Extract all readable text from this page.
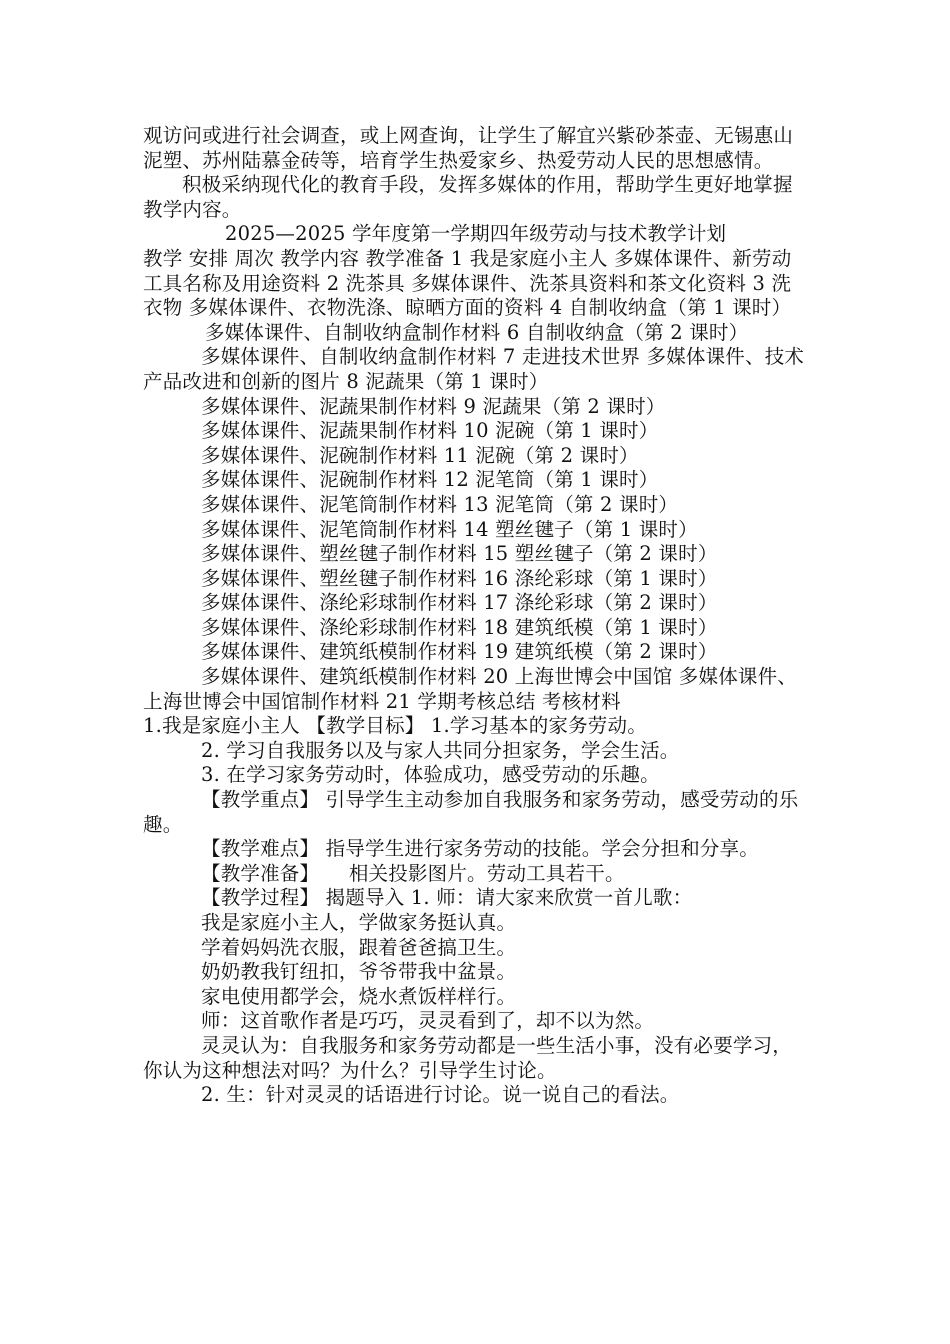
观访问或进行社会调查，或上网查询，让学生了解宜兴紫砂茶壶、无锡惠山泥塑、苏州陆慕金砖等，培育学生热爱家乡、热爱劳动人民的思想感情。

积极采纳现代化的教育手段，发挥多媒体的作用，帮助学生更好地掌握教学内容。

2025—2025 学年度第一学期四年级劳动与技术教学计划

教学 安排 周次 教学内容 教学准备 1 我是家庭小主人 多媒体课件、新劳动工具名称及用途资料 2 洗茶具 多媒体课件、洗茶具资料和茶文化资料 3 洗衣物 多媒体课件、衣物洗涤、晾晒方面的资料 4 自制收纳盒（第 1 课时）

多媒体课件、自制收纳盒制作材料 6 自制收纳盒（第 2 课时）

多媒体课件、自制收纳盒制作材料 7 走进技术世界 多媒体课件、技术产品改进和创新的图片 8 泥蔬果（第 1 课时）

多媒体课件、泥蔬果制作材料 9 泥蔬果（第 2 课时）

多媒体课件、泥蔬果制作材料 10 泥碗（第 1 课时）

多媒体课件、泥碗制作材料 11 泥碗（第 2 课时）

多媒体课件、泥碗制作材料 12 泥笔筒（第 1 课时）

多媒体课件、泥笔筒制作材料 13 泥笔筒（第 2 课时）

多媒体课件、泥笔筒制作材料 14 塑丝毽子（第 1 课时）

多媒体课件、塑丝毽子制作材料 15 塑丝毽子（第 2 课时）

多媒体课件、塑丝毽子制作材料 16 涤纶彩球（第 1 课时）

多媒体课件、涤纶彩球制作材料 17 涤纶彩球（第 2 课时）

多媒体课件、涤纶彩球制作材料 18 建筑纸模（第 1 课时）

多媒体课件、建筑纸模制作材料 19 建筑纸模（第 2 课时）

多媒体课件、建筑纸模制作材料 20 上海世博会中国馆 多媒体课件、上海世博会中国馆制作材料 21 学期考核总结 考核材料

1.我是家庭小主人 【教学目标】 1.学习基本的家务劳动。

2. 学习自我服务以及与家人共同分担家务，学会生活。

3. 在学习家务劳动时，体验成功，感受劳动的乐趣。

【教学重点】 引导学生主动参加自我服务和家务劳动，感受劳动的乐趣。

【教学难点】 指导学生进行家务劳动的技能。学会分担和分享。

【教学准备】　　相关投影图片。劳动工具若干。

【教学过程】 揭题导入 1. 师：请大家来欣赏一首儿歌：

我是家庭小主人，学做家务挺认真。

学着妈妈洗衣服，跟着爸爸搞卫生。

奶奶教我钉纽扣，爷爷带我中盆景。

家电使用都学会，烧水煮饭样样行。

师：这首歌作者是巧巧，灵灵看到了，却不以为然。

灵灵认为：自我服务和家务劳动都是一些生活小事，没有必要学习，你认为这种想法对吗？为什么？引导学生讨论。

2. 生：针对灵灵的话语进行讨论。说一说自己的看法。
